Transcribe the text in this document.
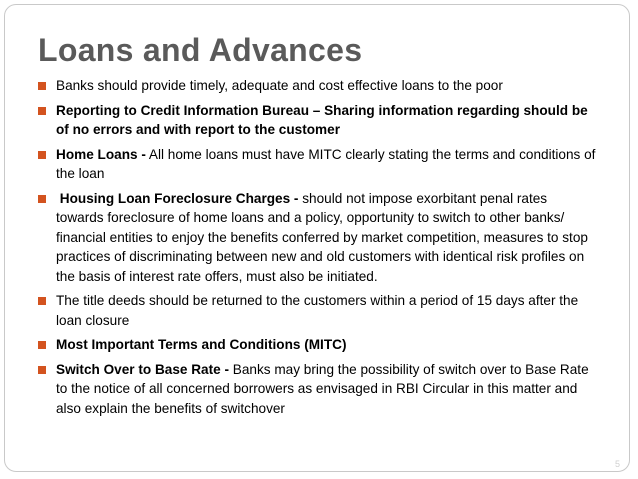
Loans and Advances
Banks should provide timely, adequate and cost effective loans to the poor
Reporting to Credit Information Bureau – Sharing information regarding should be of no errors and with report to the customer
Home Loans - All home loans must have MITC clearly stating the terms and conditions of the loan
Housing Loan Foreclosure Charges - should not impose exorbitant penal rates towards foreclosure of home loans and a policy, opportunity to switch to other banks/ financial entities to enjoy the benefits conferred by market competition, measures to stop practices of discriminating between new and old customers with identical risk profiles on the basis of interest rate offers, must also be initiated.
The title deeds should be returned to the customers within a period of 15 days after the loan closure
Most Important Terms and Conditions (MITC)
Switch Over to Base Rate - Banks may bring the possibility of switch over to Base Rate to the notice of all concerned borrowers as envisaged in RBI Circular in this matter and also explain the benefits of switchover
5
